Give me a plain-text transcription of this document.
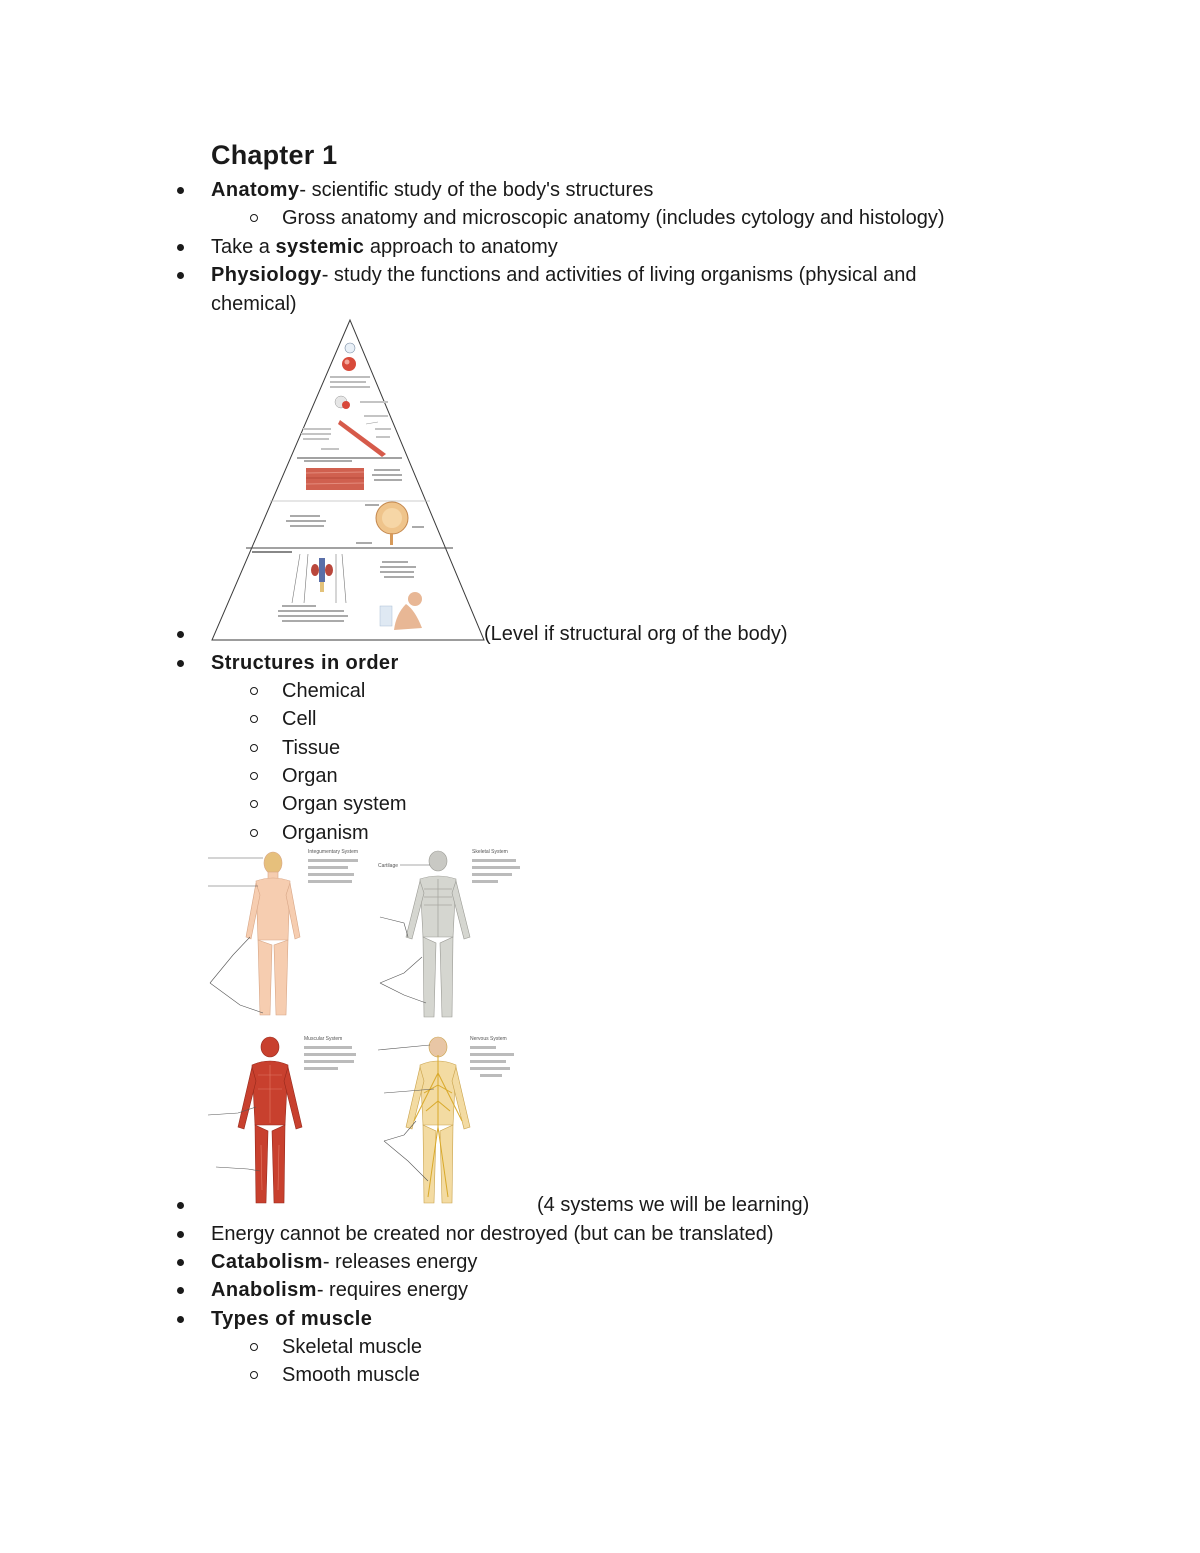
Chapter 1
Anatomy- scientific study of the body's structures
Gross anatomy and microscopic anatomy (includes cytology and histology)
Take a systemic approach to anatomy
Physiology- study the functions and activities of living organisms (physical and
chemical)
(Level if structural org of the body)
Structures in order
Chemical
Cell
Tissue
Organ
Organ system
Organism
Integumentary System	Skeletal System
Cartilage
Muscular System	Nervous System
(4 systems we will be learning)
Energy cannot be created nor destroyed (but can be translated)
Catabolism- releases energy
Anabolism- requires energy
Types of muscle
Skeletal muscle
Smooth muscle
